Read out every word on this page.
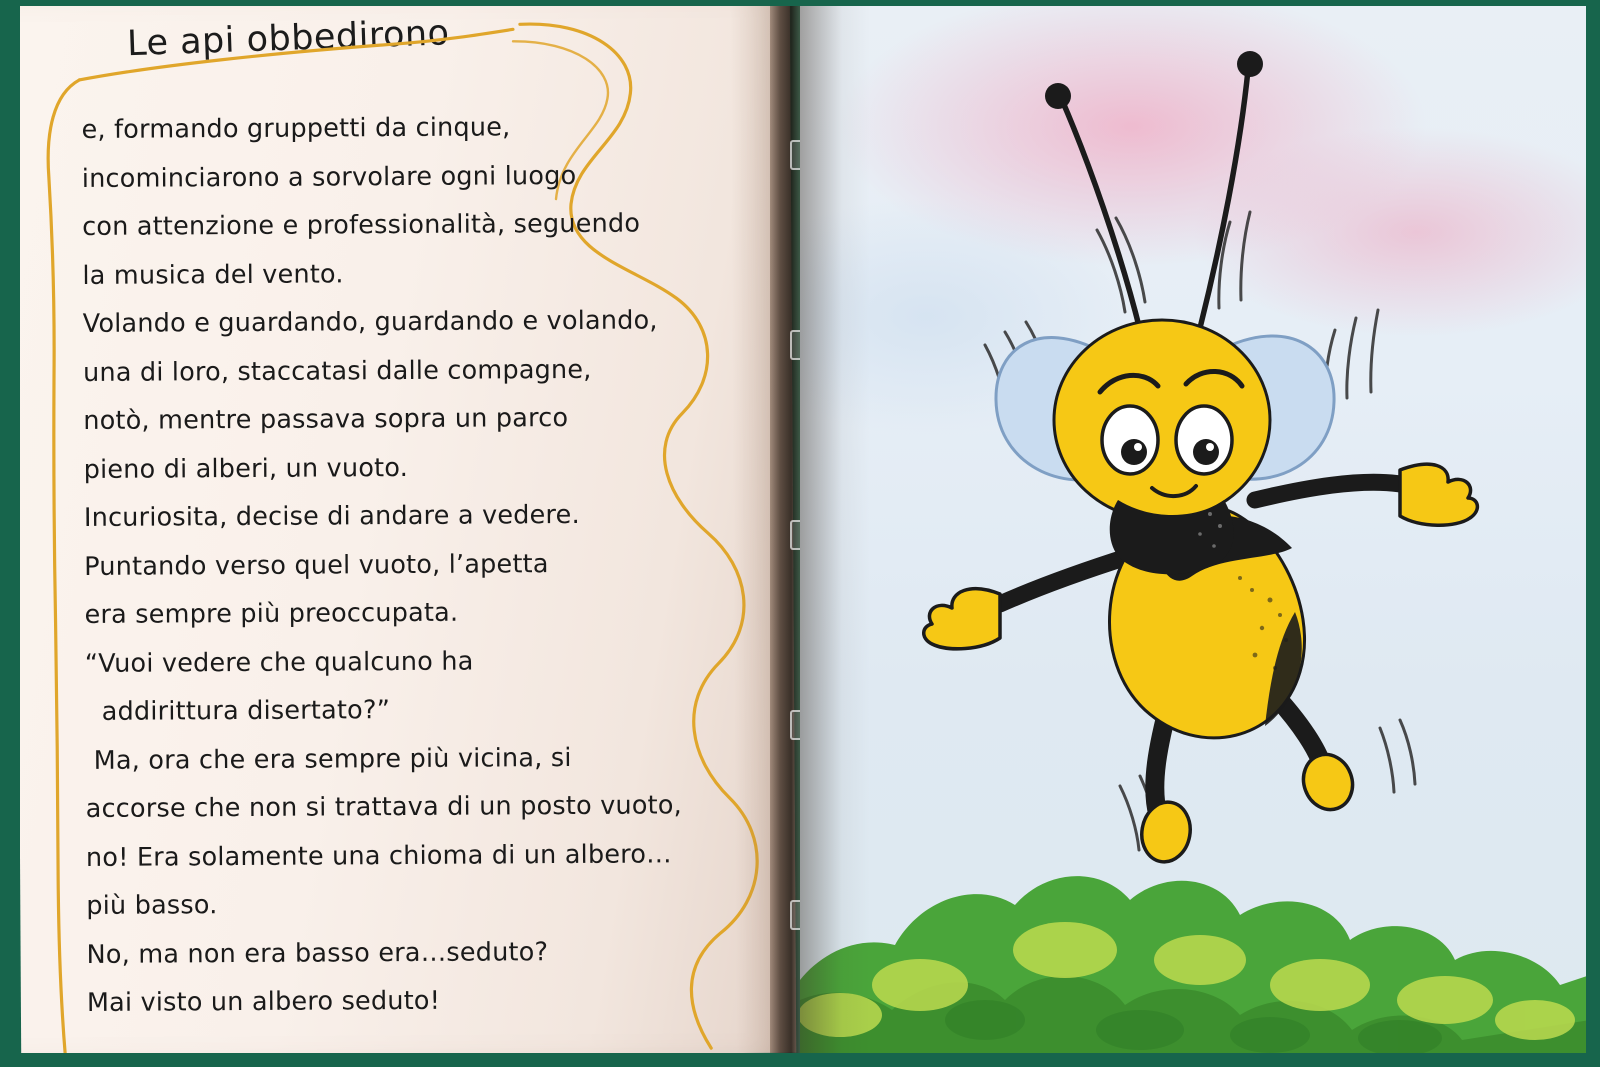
Le api obbedirono

e, formando gruppetti da cinque,
incominciarono a sorvolare ogni luogo
con attenzione e professionalità, seguendo
la musica del vento.
Volando e guardando, guardando e volando,
una di loro, staccatasi dalle compagne,
notò, mentre passava sopra un parco
pieno di alberi, un vuoto.
Incuriosita, decise di andare a vedere.
Puntando verso quel vuoto, l’apetta
era sempre più preoccupata.
“Vuoi vedere che qualcuno ha
addirittura disertato?”
Ma, ora che era sempre più vicina, si
accorse che non si trattava di un posto vuoto,
no! Era solamente una chioma di un albero…
più basso.
No, ma non era basso era…seduto?
Mai visto un albero seduto!
